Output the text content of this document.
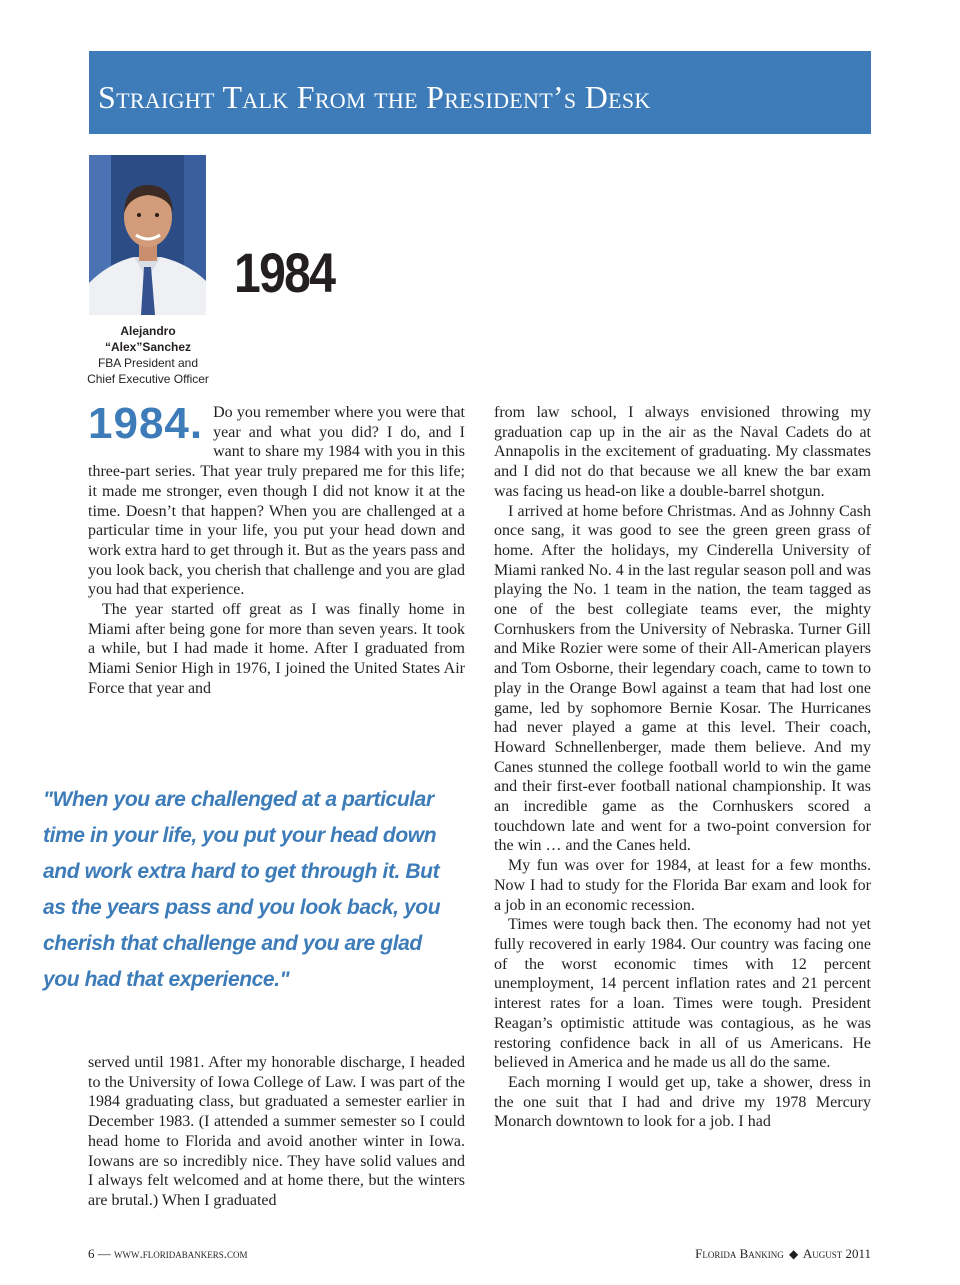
Straight Talk From the President’s Desk
Alejandro
“Alex”Sanchez
FBA President and
Chief Executive Officer
1984

1984. Do you remember where you were that year and what you did? I do, and I want to share my 1984 with you in this three-part series. That year truly prepared me for this life; it made me stronger, even though I did not know it at the time. Doesn’t that happen? When you are challenged at a particular time in your life, you put your head down and work extra hard to get through it. But as the years pass and you look back, you cherish that challenge and you are glad you had that experience.

The year started off great as I was finally home in Miami after being gone for more than seven years. It took a while, but I had made it home. After I graduated from Miami Senior High in 1976, I joined the United States Air Force that year and

"When you are challenged at a particular time in your life, you put your head down and work extra hard to get through it. But as the years pass and you look back, you cherish that challenge and you are glad you had that experience."

served until 1981. After my honorable discharge, I headed to the University of Iowa College of Law. I was part of the 1984 graduating class, but graduated a semester earlier in December 1983. (I attended a summer semester so I could head home to Florida and avoid another winter in Iowa. Iowans are so incredibly nice. They have solid values and I always felt welcomed and at home there, but the winters are brutal.) When I graduated

from law school, I always envisioned throwing my graduation cap up in the air as the Naval Cadets do at Annapolis in the excitement of graduating. My classmates and I did not do that because we all knew the bar exam was facing us head-on like a double-barrel shotgun.

I arrived at home before Christmas. And as Johnny Cash once sang, it was good to see the green green grass of home. After the holidays, my Cinderella University of Miami ranked No. 4 in the last regular season poll and was playing the No. 1 team in the nation, the team tagged as one of the best collegiate teams ever, the mighty Cornhuskers from the University of Nebraska. Turner Gill and Mike Rozier were some of their All-American players and Tom Osborne, their legendary coach, came to town to play in the Orange Bowl against a team that had lost one game, led by sophomore Bernie Kosar. The Hurricanes had never played a game at this level. Their coach, Howard Schnellenberger, made them believe. And my Canes stunned the college football world to win the game and their first-ever football national championship. It was an incredible game as the Cornhuskers scored a touchdown late and went for a two-point conversion for the win … and the Canes held.

My fun was over for 1984, at least for a few months. Now I had to study for the Florida Bar exam and look for a job in an economic recession.

Times were tough back then. The economy had not yet fully recovered in early 1984. Our country was facing one of the worst economic times with 12 percent unemployment, 14 percent inflation rates and 21 percent interest rates for a loan. Times were tough. President Reagan’s optimistic attitude was contagious, as he was restoring confidence back in all of us Americans. He believed in America and he made us all do the same.

Each morning I would get up, take a shower, dress in the one suit that I had and drive my 1978 Mercury Monarch downtown to look for a job. I had

6 — www.floridabankers.com	Florida Banking ◆ August 2011
